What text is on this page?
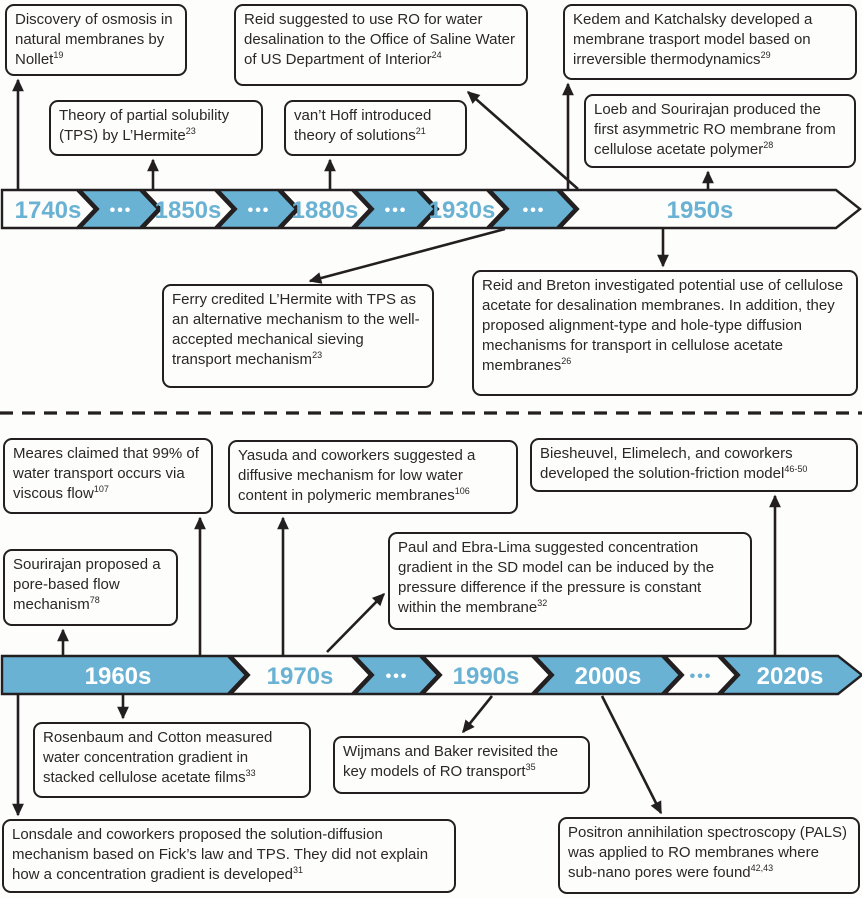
1740s ••• 1850s ••• 1880s ••• 1930s •••	1950s
1960s	1970s	••• 1990s 2000s	••• 2020s
Discovery of osmosis in natural membranes by Nollet$^{19}$
Reid suggested to use RO for water desalination to the Office of Saline Water of US Department of Interior$^{24}$
Kedem and Katchalsky developed a membrane trasport model based on irreversible thermodynamics$^{29}$
Theory of partial solubility (TPS) by L’Hermite$^{23}$
van’t Hoff introduced theory of solutions$^{21}$
Loeb and Sourirajan produced the first asymmetric RO membrane from cellulose acetate polymer$^{28}$
Ferry credited L’Hermite with TPS as an alternative mechanism to the well-accepted mechanical sieving transport mechanism$^{23}$
Reid and Breton investigated potential use of cellulose acetate for desalination membranes. In addition, they proposed alignment-type and hole-type diffusion mechanisms for transport in cellulose acetate membranes$^{26}$
Meares claimed that 99% of water transport occurs via viscous flow$^{107}$
Yasuda and coworkers suggested a diffusive mechanism for low water content in polymeric membranes$^{106}$
Biesheuvel, Elimelech, and coworkers developed the solution-friction model$^{46-50}$
Sourirajan proposed a pore-based flow mechanism$^{78}$
Paul and Ebra-Lima suggested concentration gradient in the SD model can be induced by the pressure difference if the pressure is constant within the membrane$^{32}$
Rosenbaum and Cotton measured water concentration gradient in stacked cellulose acetate films$^{33}$
Wijmans and Baker revisited the key models of RO transport$^{35}$
Lonsdale and coworkers proposed the solution-diffusion mechanism based on Fick’s law and TPS. They did not explain how a concentration gradient is developed$^{31}$
Positron annihilation spectroscopy (PALS) was applied to RO membranes where sub-nano pores were found$^{42,43}$
